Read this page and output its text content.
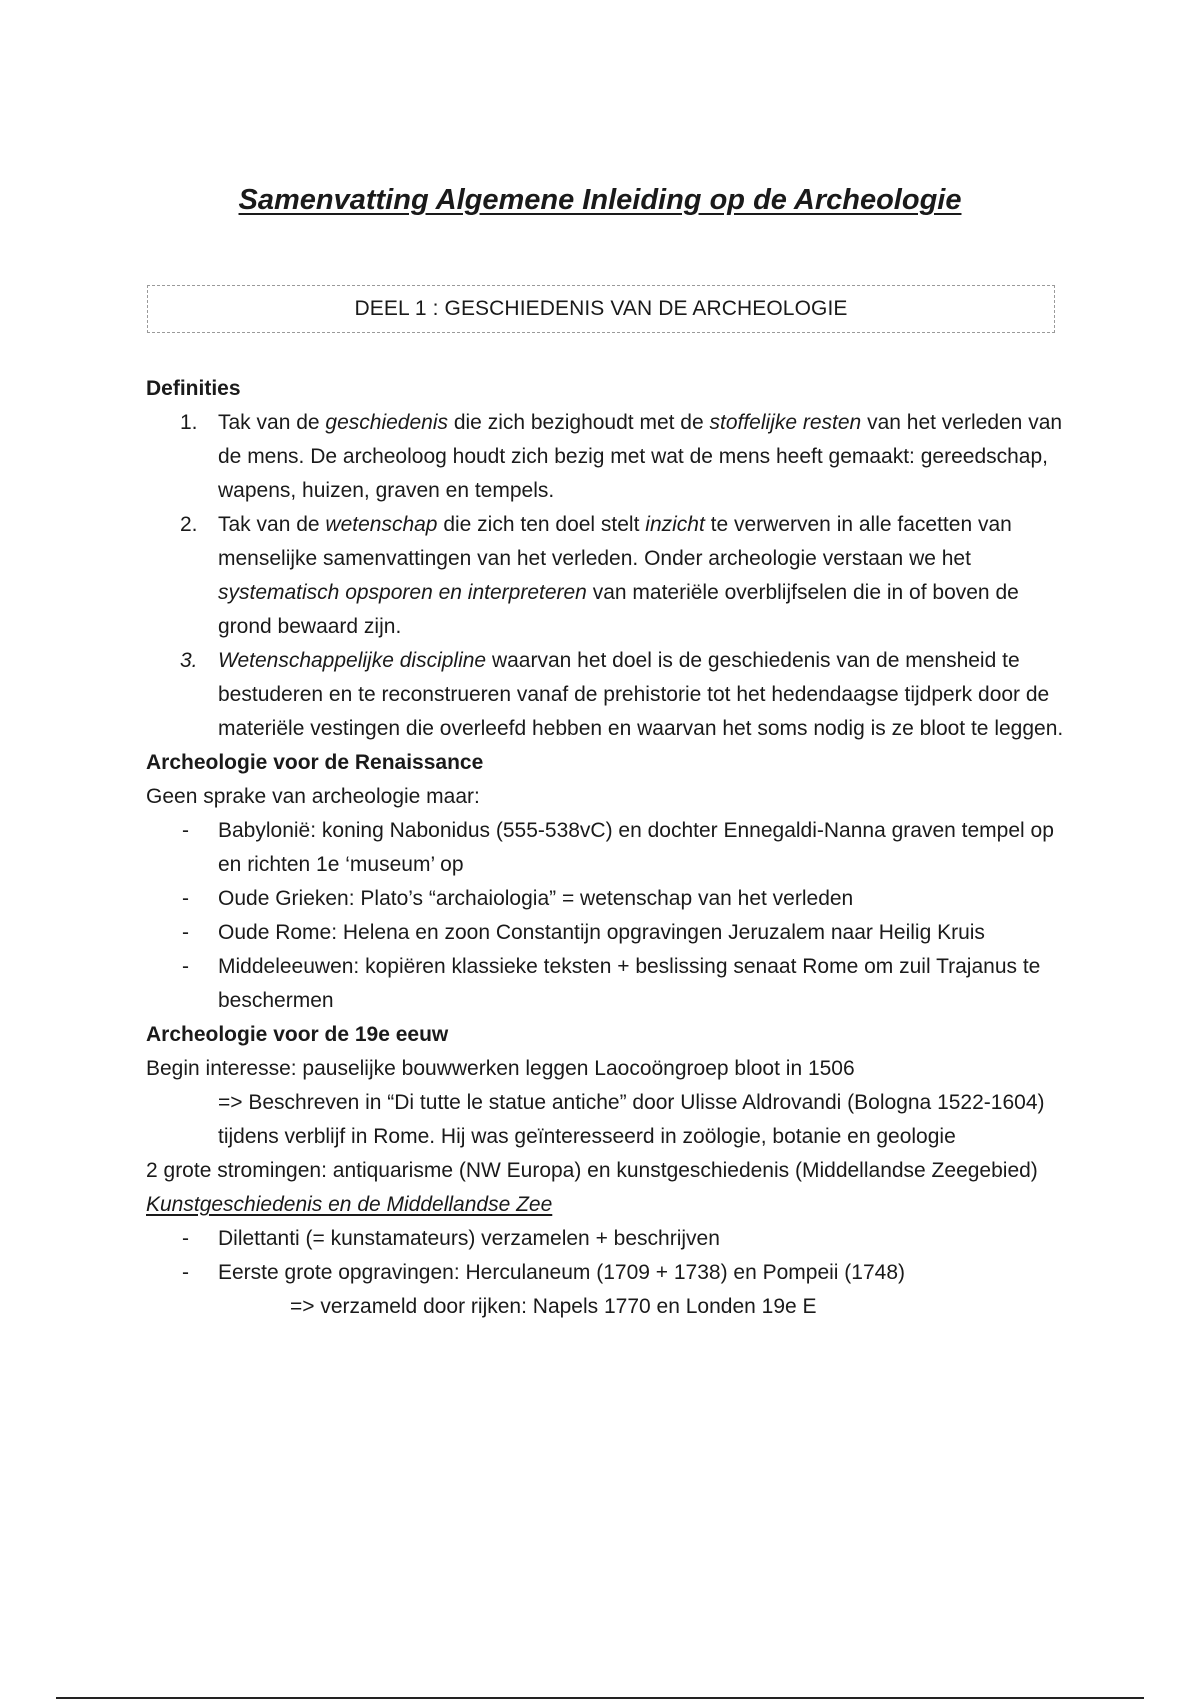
Samenvatting Algemene Inleiding op de Archeologie
DEEL 1 : GESCHIEDENIS VAN DE ARCHEOLOGIE
Definities
1. Tak van de geschiedenis die zich bezighoudt met de stoffelijke resten van het verleden van de mens. De archeoloog houdt zich bezig met wat de mens heeft gemaakt: gereedschap, wapens, huizen, graven en tempels.
2. Tak van de wetenschap die zich ten doel stelt inzicht te verwerven in alle facetten van menselijke samenvattingen van het verleden. Onder archeologie verstaan we het systematisch opsporen en interpreteren van materiële overblijfselen die in of boven de grond bewaard zijn.
3. Wetenschappelijke discipline waarvan het doel is de geschiedenis van de mensheid te bestuderen en te reconstrueren vanaf de prehistorie tot het hedendaagse tijdperk door de materiële vestingen die overleefd hebben en waarvan het soms nodig is ze bloot te leggen.
Archeologie voor de Renaissance
Geen sprake van archeologie maar:
- Babylonië: koning Nabonidus (555-538vC) en dochter Ennegaldi-Nanna graven tempel op en richten 1e ‘museum’ op
- Oude Grieken: Plato’s “archaiologia” = wetenschap van het verleden
- Oude Rome: Helena en zoon Constantijn opgravingen Jeruzalem naar Heilig Kruis
- Middeleeuwen: kopiëren klassieke teksten + beslissing senaat Rome om zuil Trajanus te beschermen
Archeologie voor de 19e eeuw
Begin interesse: pauselijke bouwwerken leggen Laocoöngroep bloot in 1506
=> Beschreven in “Di tutte le statue antiche” door Ulisse Aldrovandi (Bologna 1522-1604) tijdens verblijf in Rome. Hij was geïnteresseerd in zoölogie, botanie en geologie
2 grote stromingen: antiquarisme (NW Europa) en kunstgeschiedenis (Middellandse Zeegebied)
Kunstgeschiedenis en de Middellandse Zee
- Dilettanti (= kunstamateurs) verzamelen + beschrijven
- Eerste grote opgravingen: Herculaneum (1709 + 1738) en Pompeii (1748)
=> verzameld door rijken: Napels 1770 en Londen 19e E
